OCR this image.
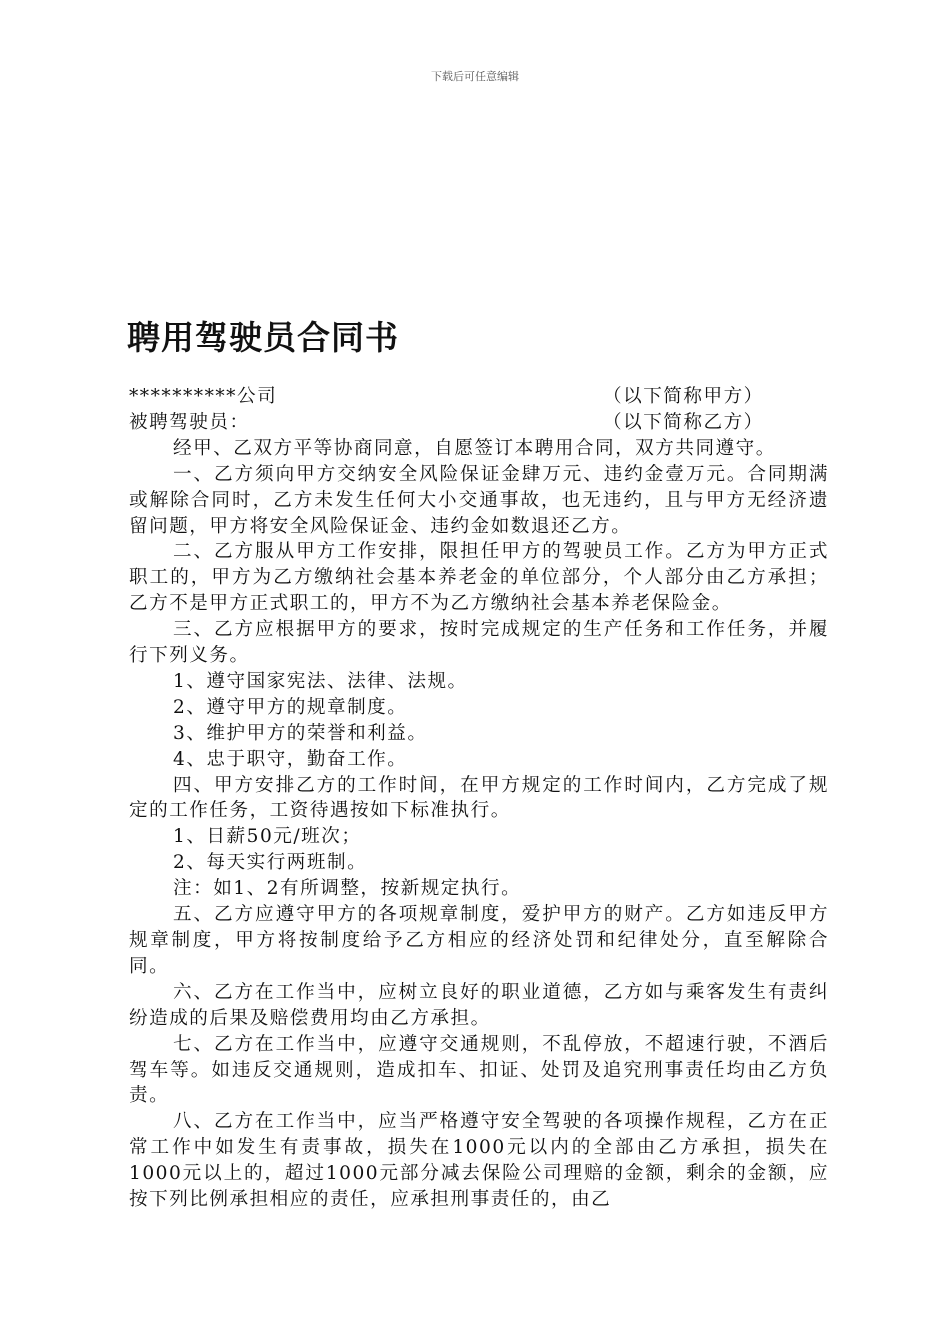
下载后可任意编辑
聘用驾驶员合同书
**********公司	（以下简称甲方）
被聘驾驶员：	（以下简称乙方）
经甲、乙双方平等协商同意，自愿签订本聘用合同，双方共同遵守。
一、乙方须向甲方交纳安全风险保证金肆万元、违约金壹万元。合同期满或解除合同时，乙方未发生任何大小交通事故，也无违约，且与甲方无经济遗留问题，甲方将安全风险保证金、违约金如数退还乙方。
二、乙方服从甲方工作安排，限担任甲方的驾驶员工作。乙方为甲方正式职工的，甲方为乙方缴纳社会基本养老金的单位部分，个人部分由乙方承担；乙方不是甲方正式职工的，甲方不为乙方缴纳社会基本养老保险金。
三、乙方应根据甲方的要求，按时完成规定的生产任务和工作任务，并履行下列义务。
1、遵守国家宪法、法律、法规。
2、遵守甲方的规章制度。
3、维护甲方的荣誉和利益。
4、忠于职守，勤奋工作。
四、甲方安排乙方的工作时间，在甲方规定的工作时间内，乙方完成了规定的工作任务，工资待遇按如下标准执行。
1、日薪50元/班次；
2、每天实行两班制。
注：如1、2有所调整，按新规定执行。
五、乙方应遵守甲方的各项规章制度，爱护甲方的财产。乙方如违反甲方规章制度，甲方将按制度给予乙方相应的经济处罚和纪律处分，直至解除合同。
六、乙方在工作当中，应树立良好的职业道德，乙方如与乘客发生有责纠纷造成的后果及赔偿费用均由乙方承担。
七、乙方在工作当中，应遵守交通规则，不乱停放，不超速行驶，不酒后驾车等。如违反交通规则，造成扣车、扣证、处罚及追究刑事责任均由乙方负责。
八、乙方在工作当中，应当严格遵守安全驾驶的各项操作规程，乙方在正常工作中如发生有责事故，损失在1000元以内的全部由乙方承担，损失在1000元以上的，超过1000元部分减去保险公司理赔的金额，剩余的金额，应按下列比例承担相应的责任，应承担刑事责任的，由乙
